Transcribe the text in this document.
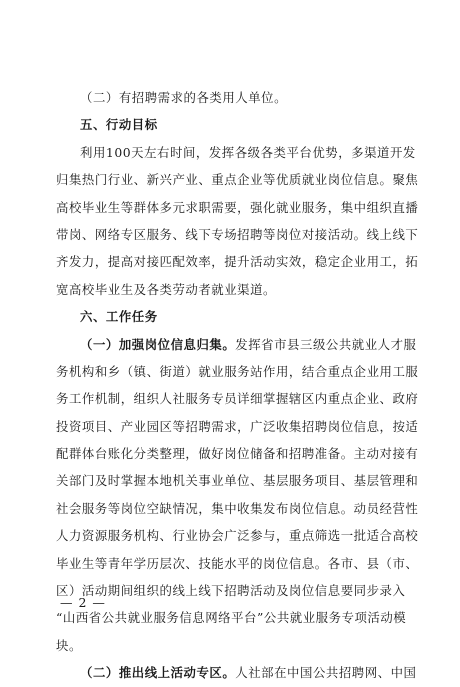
（二）有招聘需求的各类用人单位。
五、行动目标
利用100天左右时间，发挥各级各类平台优势，多渠道开发
归集热门行业、新兴产业、重点企业等优质就业岗位信息。聚焦
高校毕业生等群体多元求职需要，强化就业服务，集中组织直播
带岗、网络专区服务、线下专场招聘等岗位对接活动。线上线下
齐发力，提高对接匹配效率，提升活动实效，稳定企业用工，拓
宽高校毕业生及各类劳动者就业渠道。
六、工作任务
（一）加强岗位信息归集。发挥省市县三级公共就业人才服
务机构和乡（镇、街道）就业服务站作用，结合重点企业用工服
务工作机制，组织人社服务专员详细掌握辖区内重点企业、政府
投资项目、产业园区等招聘需求，广泛收集招聘岗位信息，按适
配群体台账化分类整理，做好岗位储备和招聘准备。主动对接有
关部门及时掌握本地机关事业单位、基层服务项目、基层管理和
社会服务等岗位空缺情况，集中收集发布岗位信息。动员经营性
人力资源服务机构、行业协会广泛参与，重点筛选一批适合高校
毕业生等青年学历层次、技能水平的岗位信息。各市、县（市、
区）活动期间组织的线上线下招聘活动及岗位信息要同步录入
“山西省公共就业服务信息网络平台”公共就业服务专项活动模
块。
（二）推出线上活动专区。人社部在中国公共招聘网、中国
— 2 —
